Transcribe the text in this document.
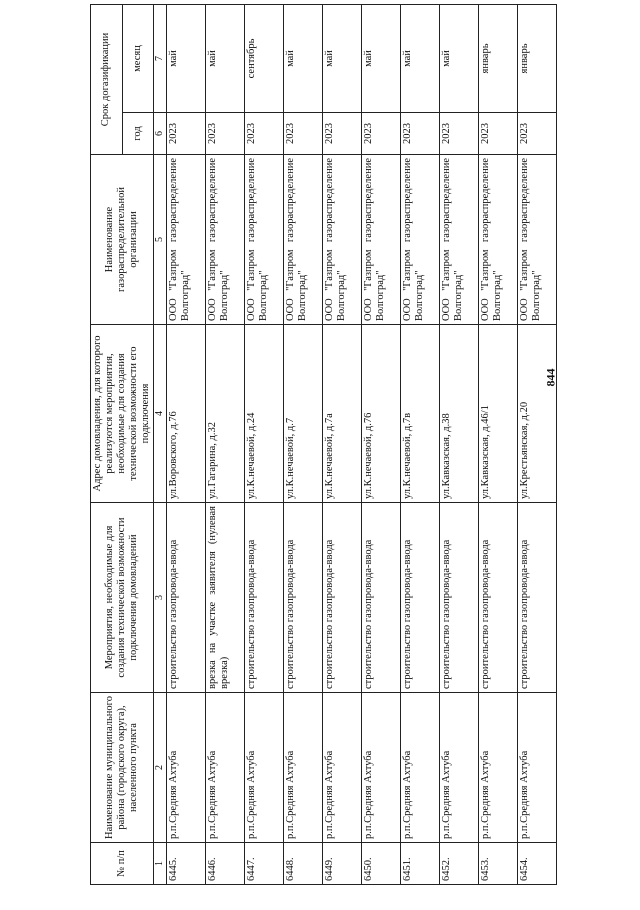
844
№ п/п	Наименование муниципального района (городского округа), населенного пункта	Мероприятия, необходимые для создания технической возможности подключения домовладений	Адрес домовладения, для которого реализуются мероприятия, необходимые для создания технической возможности его подключения	Наименование газораспределительной организации	Срок догазификации	
					год	месяц
1	2	3	4	5	6	7
6445.	р.п.Средняя Ахтуба	строительство газопровода-ввода	ул.Воровского, д.76	ООО "Газпром газораспределение Волгоград"	2023	май
6446.	р.п.Средняя Ахтуба	врезка на участке заявителя (нулевая врезка)	ул.Гагарина, д.32	ООО "Газпром газораспределение Волгоград"	2023	май
6447.	р.п.Средняя Ахтуба	строительство газопровода-ввода	ул.К.нечаевой, д.24	ООО "Газпром газораспределение Волгоград"	2023	сентябрь
6448.	р.п.Средняя Ахтуба	строительство газопровода-ввода	ул.К.нечаевой, д.7	ООО "Газпром газораспределение Волгоград"	2023	май
6449.	р.п.Средняя Ахтуба	строительство газопровода-ввода	ул.К.нечаевой, д.7а	ООО "Газпром газораспределение Волгоград"	2023	май
6450.	р.п.Средняя Ахтуба	строительство газопровода-ввода	ул.К.нечаевой, д.76	ООО "Газпром газораспределение Волгоград"	2023	май
6451.	р.п.Средняя Ахтуба	строительство газопровода-ввода	ул.К.нечаевой, д.7в	ООО "Газпром газораспределение Волгоград"	2023	май
6452.	р.п.Средняя Ахтуба	строительство газопровода-ввода	ул.Кавказская, д.38	ООО "Газпром газораспределение Волгоград"	2023	май
6453.	р.п.Средняя Ахтуба	строительство газопровода-ввода	ул.Кавказская, д.46/1	ООО "Газпром газораспределение Волгоград"	2023	январь
6454.	р.п.Средняя Ахтуба	строительство газопровода-ввода	ул.Крестьянская, д.20	ООО "Газпром газораспределение Волгоград"	2023	январь
